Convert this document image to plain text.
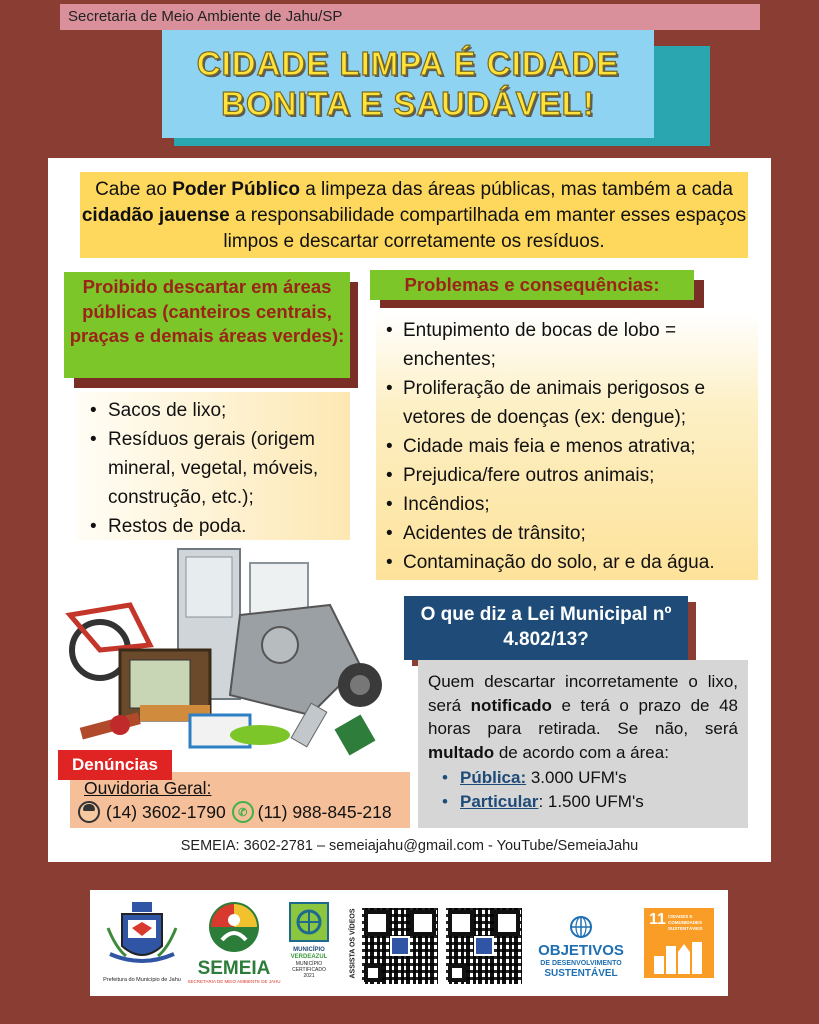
Secretaria de Meio Ambiente de Jahu/SP
CIDADE LIMPA É CIDADE
BONITA E SAUDÁVEL!
Cabe ao Poder Público a limpeza das áreas públicas, mas também a cada cidadão jauense a responsabilidade compartilhada em manter esses espaços limpos e descartar corretamente os resíduos.
Proibido descartar em áreas públicas (canteiros centrais, praças e demais áreas verdes):
• Sacos de lixo;
• Resíduos gerais (origem mineral, vegetal, móveis, construção, etc.);
• Restos de poda.
Problemas e consequências:
• Entupimento de bocas de lobo = enchentes;
• Proliferação de animais perigosos e vetores de doenças (ex: dengue);
• Cidade mais feia e menos atrativa;
• Prejudica/fere outros animais;
• Incêndios;
• Acidentes de trânsito;
• Contaminação do solo, ar e da água.
O que diz a Lei Municipal nº 4.802/13?
Quem descartar incorretamente o lixo, será notificado e terá o prazo de 48 horas para retirada. Se não, será multado de acordo com a área:
• Pública: 3.000 UFM's
• Particular: 1.500 UFM's
Denúncias
Ouvidoria Geral:
(14) 3602-1790	✆ (11) 988-845-218
SEMEIA: 3602-2781 – semeiajahu@gmail.com - YouTube/SemeiaJahu
Prefeitura do Município de Jahu
SEMEIA
SECRETARIA DE MEIO AMBIENTE DE JAHU
MUNICÍPIO
VERDEAZUL
MUNICÍPIO
CERTIFICADO
2021	ASSISTA OS VÍDEOS	OBJETIVOS
DE DESENVOLVIMENTO
SUSTENTÁVEL
11 CIDADES E COMUNIDADES SUSTENTÁVEIS
